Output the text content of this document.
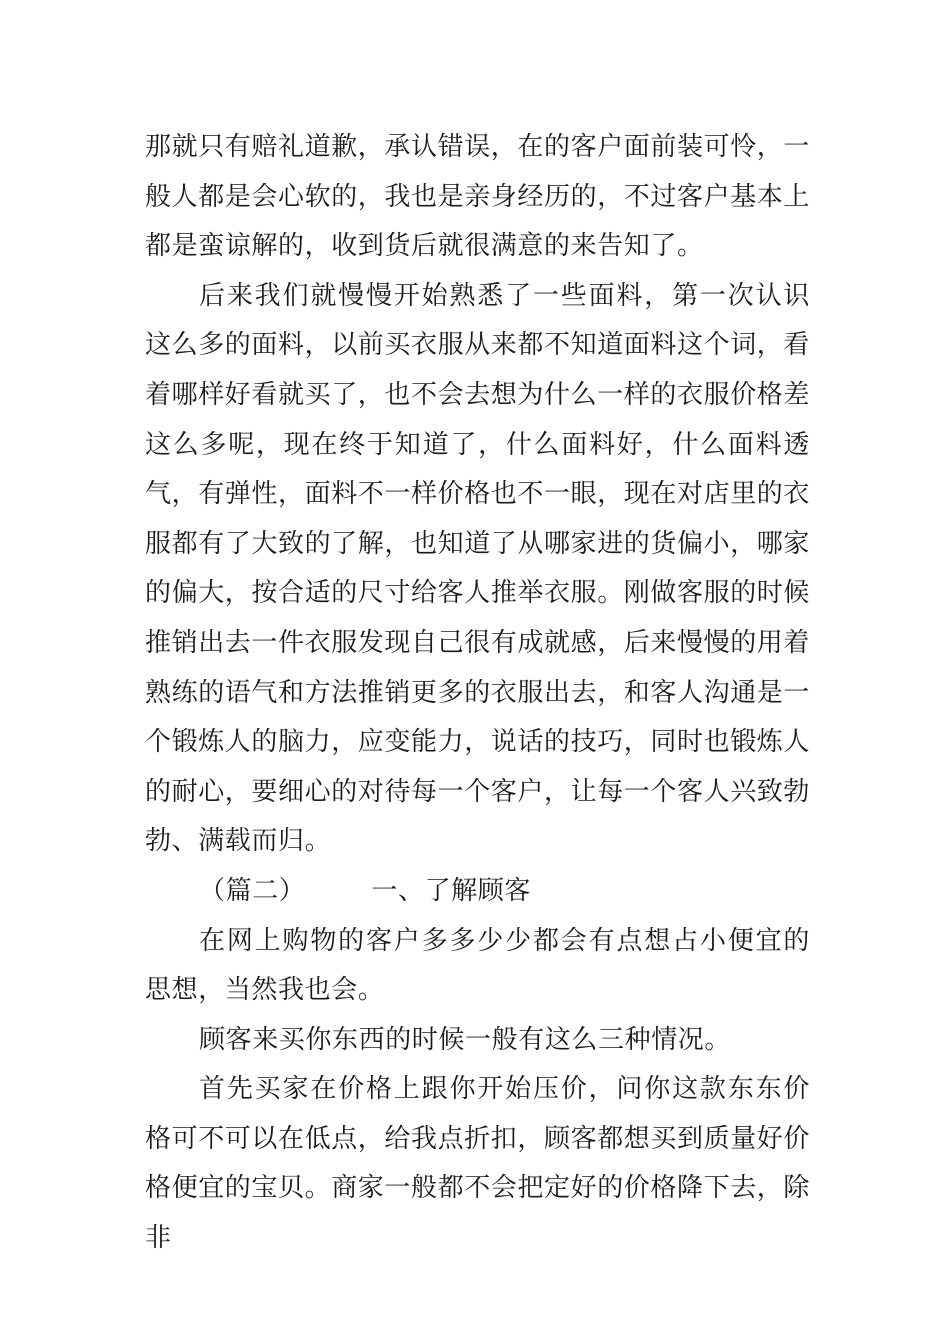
那就只有赔礼道歉，承认错误，在的客户面前装可怜，一般人都是会心软的，我也是亲身经历的，不过客户基本上都是蛮谅解的，收到货后就很满意的来告知了。

后来我们就慢慢开始熟悉了一些面料，第一次认识这么多的面料，以前买衣服从来都不知道面料这个词，看着哪样好看就买了，也不会去想为什么一样的衣服价格差这么多呢，现在终于知道了，什么面料好，什么面料透气，有弹性，面料不一样价格也不一眼，现在对店里的衣服都有了大致的了解，也知道了从哪家进的货偏小，哪家的偏大，按合适的尺寸给客人推举衣服。刚做客服的时候推销出去一件衣服发现自己很有成就感，后来慢慢的用着熟练的语气和方法推销更多的衣服出去，和客人沟通是一个锻炼人的脑力，应变能力，说话的技巧，同时也锻炼人的耐心，要细心的对待每一个客户，让每一个客人兴致勃勃、满载而归。

（篇二）	一、了解顾客

在网上购物的客户多多少少都会有点想占小便宜的思想，当然我也会。

顾客来买你东西的时候一般有这么三种情况。

首先买家在价格上跟你开始压价，问你这款东东价格可不可以在低点，给我点折扣，顾客都想买到质量好价格便宜的宝贝。商家一般都不会把定好的价格降下去，除非
